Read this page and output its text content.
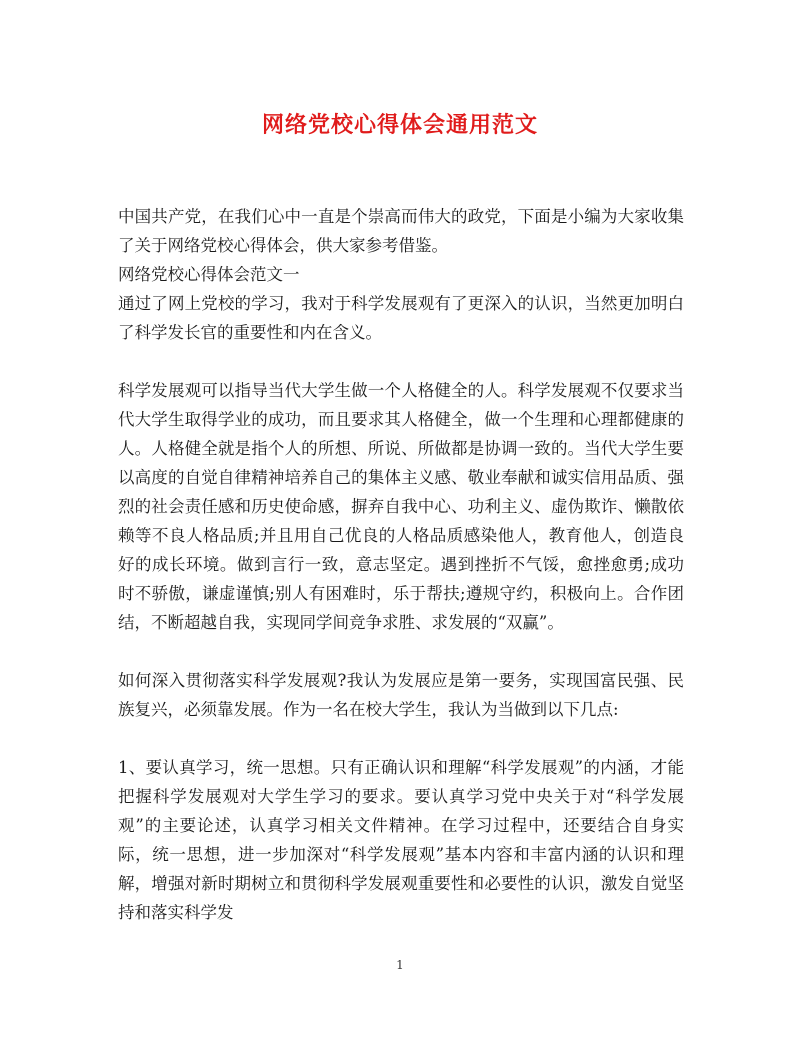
网络党校心得体会通用范文

中国共产党，在我们心中一直是个崇高而伟大的政党，下面是小编为大家收集了关于网络党校心得体会，供大家参考借鉴。

网络党校心得体会范文一

通过了网上党校的学习，我对于科学发展观有了更深入的认识，当然更加明白了科学发长官的重要性和内在含义。

科学发展观可以指导当代大学生做一个人格健全的人。科学发展观不仅要求当代大学生取得学业的成功，而且要求其人格健全，做一个生理和心理都健康的人。人格健全就是指个人的所想、所说、所做都是协调一致的。当代大学生要以高度的自觉自律精神培养自己的集体主义感、敬业奉献和诚实信用品质、强烈的社会责任感和历史使命感，摒弃自我中心、功利主义、虚伪欺诈、懒散依赖等不良人格品质;并且用自己优良的人格品质感染他人，教育他人，创造良好的成长环境。做到言行一致，意志坚定。遇到挫折不气馁，愈挫愈勇;成功时不骄傲，谦虚谨慎;别人有困难时，乐于帮扶;遵规守约，积极向上。合作团结，不断超越自我，实现同学间竞争求胜、求发展的“双赢”。

如何深入贯彻落实科学发展观?我认为发展应是第一要务，实现国富民强、民族复兴，必须靠发展。作为一名在校大学生，我认为当做到以下几点:

1、要认真学习，统一思想。只有正确认识和理解“科学发展观”的内涵，才能把握科学发展观对大学生学习的要求。要认真学习党中央关于对“科学发展观”的主要论述，认真学习相关文件精神。在学习过程中，还要结合自身实际，统一思想，进一步加深对“科学发展观”基本内容和丰富内涵的认识和理解，增强对新时期树立和贯彻科学发展观重要性和必要性的认识，激发自觉坚持和落实科学发

1
